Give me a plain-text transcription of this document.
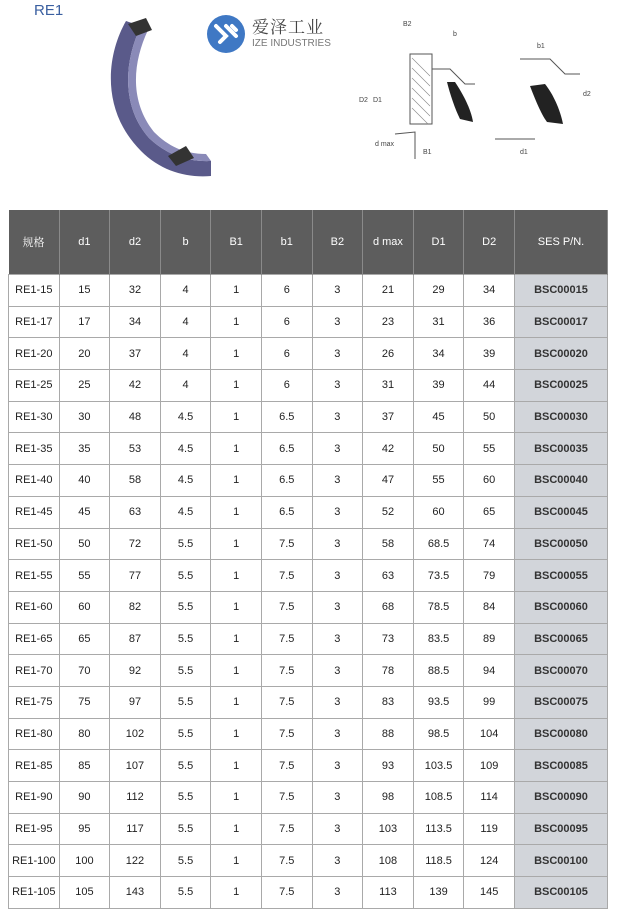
RE1
爱泽工业
IZE INDUSTRIES
B2
b
b1
D2 D1
d2
d max
B1	d1
规格	d1	d2	b	B1	b1	B2	d max	D1	D2	SES P/N.
RE1-15	15	32	4	1	6	3	21	29	34	BSC00015
RE1-17	17	34	4	1	6	3	23	31	36	BSC00017
RE1-20	20	37	4	1	6	3	26	34	39	BSC00020
RE1-25	25	42	4	1	6	3	31	39	44	BSC00025
RE1-30	30	48	4.5	1	6.5	3	37	45	50	BSC00030
RE1-35	35	53	4.5	1	6.5	3	42	50	55	BSC00035
RE1-40	40	58	4.5	1	6.5	3	47	55	60	BSC00040
RE1-45	45	63	4.5	1	6.5	3	52	60	65	BSC00045
RE1-50	50	72	5.5	1	7.5	3	58	68.5	74	BSC00050
RE1-55	55	77	5.5	1	7.5	3	63	73.5	79	BSC00055
RE1-60	60	82	5.5	1	7.5	3	68	78.5	84	BSC00060
RE1-65	65	87	5.5	1	7.5	3	73	83.5	89	BSC00065
RE1-70	70	92	5.5	1	7.5	3	78	88.5	94	BSC00070
RE1-75	75	97	5.5	1	7.5	3	83	93.5	99	BSC00075
RE1-80	80	102	5.5	1	7.5	3	88	98.5	104	BSC00080
RE1-85	85	107	5.5	1	7.5	3	93	103.5	109	BSC00085
RE1-90	90	112	5.5	1	7.5	3	98	108.5	114	BSC00090
RE1-95	95	117	5.5	1	7.5	3	103	113.5	119	BSC00095
RE1-100	100	122	5.5	1	7.5	3	108	118.5	124	BSC00100
RE1-105	105	143	5.5	1	7.5	3	113	139	145	BSC00105
